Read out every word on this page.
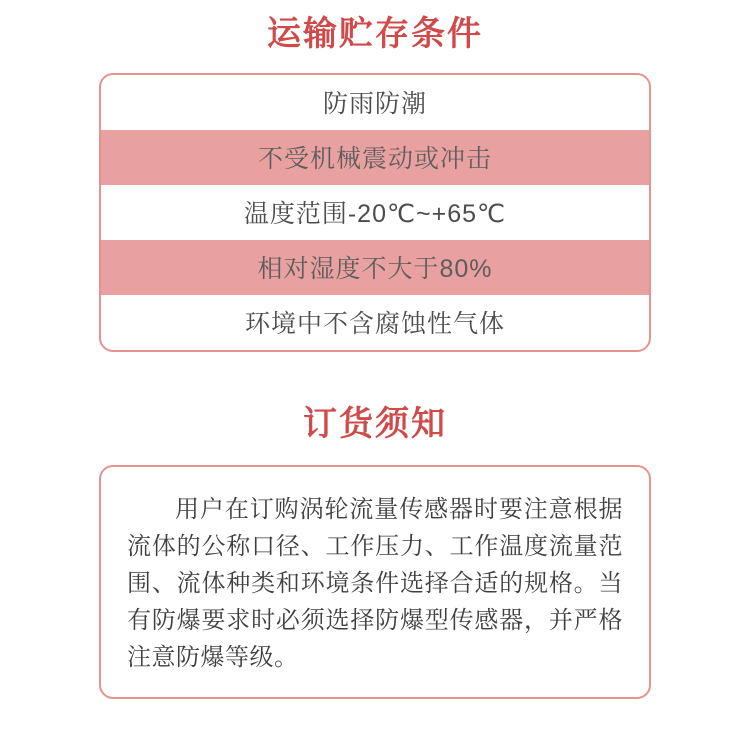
运输贮存条件
防雨防潮
不受机械震动或冲击
温度范围-20℃~+65℃
相对湿度不大于80%
环境中不含腐蚀性气体
订货须知

用户在订购涡轮流量传感器时要注意根据流体的公称口径、工作压力、工作温度流量范围、流体种类和环境条件选择合适的规格。当有防爆要求时必须选择防爆型传感器，并严格注意防爆等级。
